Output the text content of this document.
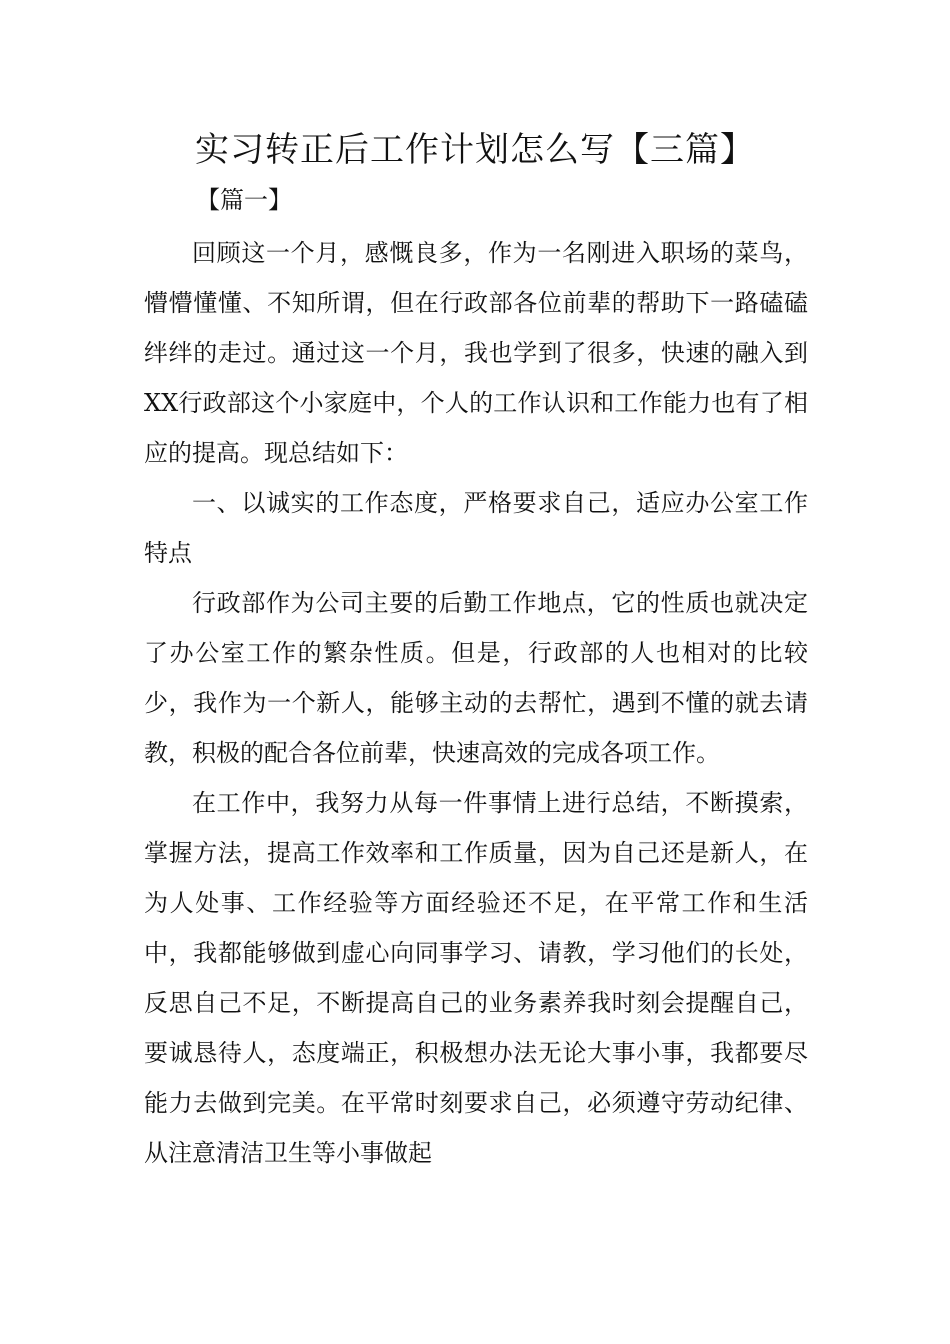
实习转正后工作计划怎么写【三篇】
【篇一】

回顾这一个月，感慨良多，作为一名刚进入职场的菜鸟，懵懵懂懂、不知所谓，但在行政部各位前辈的帮助下一路磕磕绊绊的走过。通过这一个月，我也学到了很多，快速的融入到XX行政部这个小家庭中，个人的工作认识和工作能力也有了相应的提高。现总结如下：

一、以诚实的工作态度，严格要求自己，适应办公室工作特点

行政部作为公司主要的后勤工作地点，它的性质也就决定了办公室工作的繁杂性质。但是，行政部的人也相对的比较少，我作为一个新人，能够主动的去帮忙，遇到不懂的就去请教，积极的配合各位前辈，快速高效的完成各项工作。

在工作中，我努力从每一件事情上进行总结，不断摸索，掌握方法，提高工作效率和工作质量，因为自己还是新人，在为人处事、工作经验等方面经验还不足，在平常工作和生活中，我都能够做到虚心向同事学习、请教，学习他们的长处，反思自己不足，不断提高自己的业务素养我时刻会提醒自己，要诚恳待人，态度端正，积极想办法无论大事小事，我都要尽能力去做到完美。在平常时刻要求自己，必须遵守劳动纪律、从注意清洁卫生等小事做起
